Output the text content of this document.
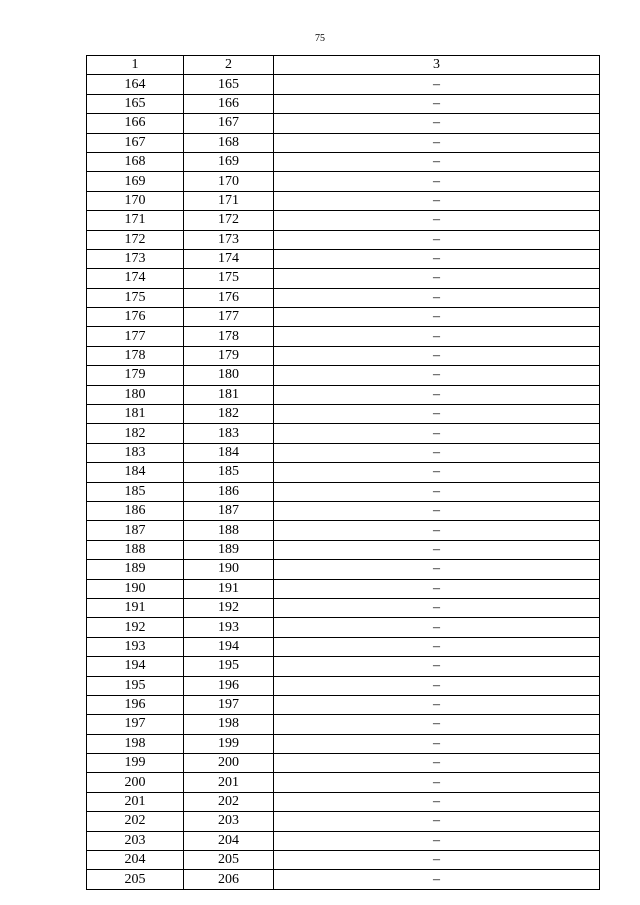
75
1	2	3
164	165	–
165	166	–
166	167	–
167	168	–
168	169	–
169	170	–
170	171	–
171	172	–
172	173	–
173	174	–
174	175	–
175	176	–
176	177	–
177	178	–
178	179	–
179	180	–
180	181	–
181	182	–
182	183	–
183	184	–
184	185	–
185	186	–
186	187	–
187	188	–
188	189	–
189	190	–
190	191	–
191	192	–
192	193	–
193	194	–
194	195	–
195	196	–
196	197	–
197	198	–
198	199	–
199	200	–
200	201	–
201	202	–
202	203	–
203	204	–
204	205	–
205	206	–
